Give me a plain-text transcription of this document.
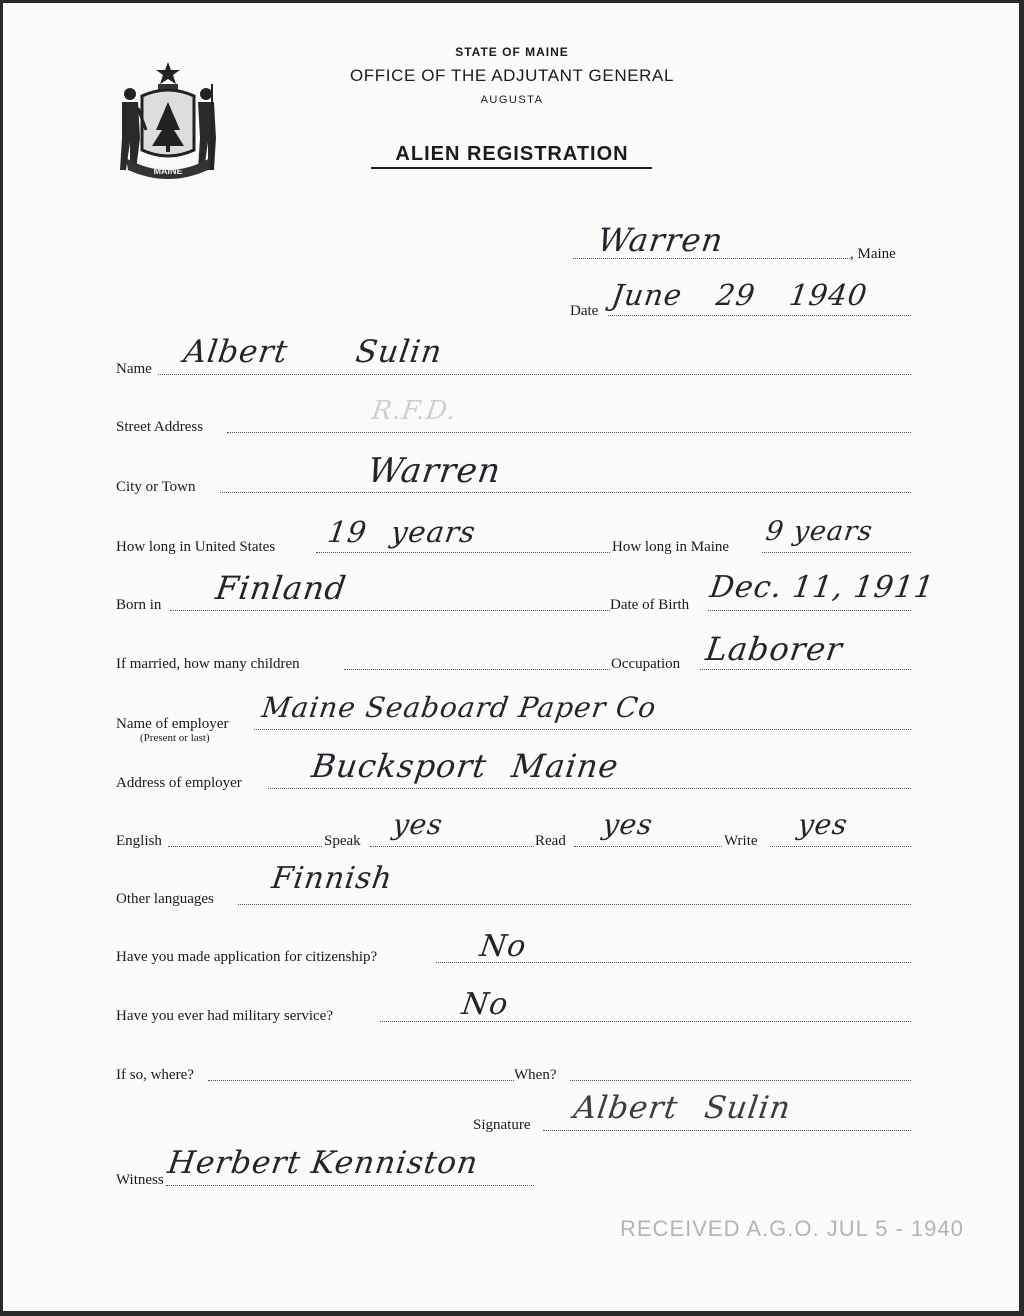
MAINE
STATE OF MAINE
OFFICE OF THE ADJUTANT GENERAL
AUGUSTA
ALIEN REGISTRATION
Warren	, Maine
Date June 29 1940
Name Albert Sulin
Street Address
R.F.D.
City or Town	Warren
How long in United States 19 years	How long in Maine 9 years
Born in Finland	Date of Birth Dec. 11, 1911
If married, how many children	Occupation Laborer
Name of employer
(Present or last)
Maine Seaboard Paper Co
Address of employer Bucksport Maine
English	Speak yes	Read yes	Write yes
Other languages
Finnish
Have you made application for citizenship?	No
Have you ever had military service?	No
If so, where?	When?
Signature Albert Sulin
Witness Herbert Kenniston
RECEIVED A.G.O. JUL 5 - 1940
